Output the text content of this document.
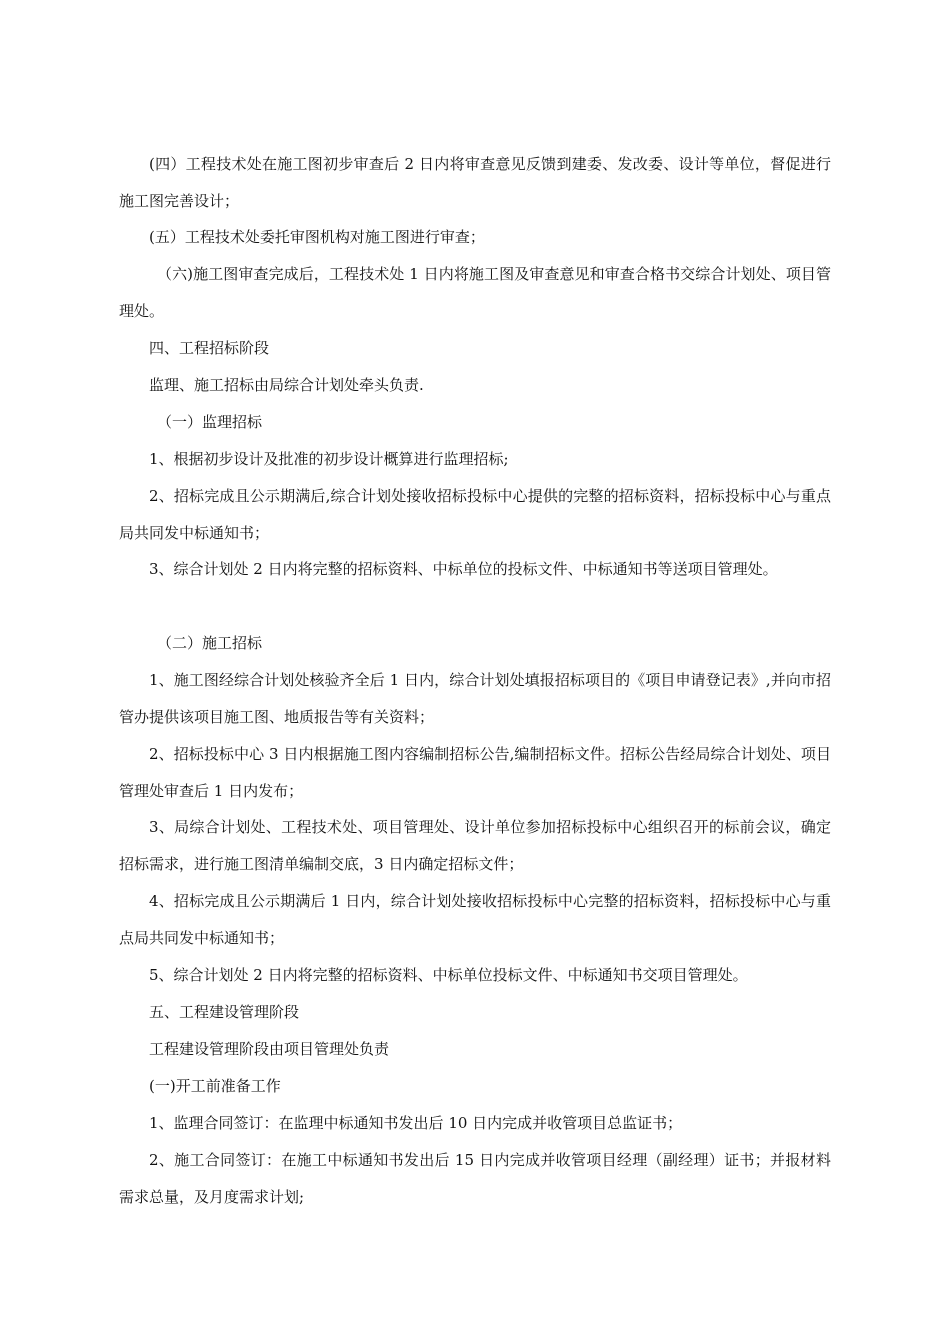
(四）工程技术处在施工图初步审查后 2 日内将审查意见反馈到建委、发改委、设计等单位，督促进行施工图完善设计；

(五）工程技术处委托审图机构对施工图进行审查；

（六)施工图审查完成后，工程技术处 1 日内将施工图及审查意见和审查合格书交综合计划处、项目管理处。

四、工程招标阶段

监理、施工招标由局综合计划处牵头负责.

（一）监理招标

1、根据初步设计及批准的初步设计概算进行监理招标;

2、招标完成且公示期满后,综合计划处接收招标投标中心提供的完整的招标资料，招标投标中心与重点局共同发中标通知书；

3、综合计划处 2 日内将完整的招标资料、中标单位的投标文件、中标通知书等送项目管理处。

（二）施工招标

1、施工图经综合计划处核验齐全后 1 日内，综合计划处填报招标项目的《项目申请登记表》,并向市招管办提供该项目施工图、地质报告等有关资料；

2、招标投标中心 3 日内根据施工图内容编制招标公告,编制招标文件。招标公告经局综合计划处、项目管理处审查后 1 日内发布；

3、局综合计划处、工程技术处、项目管理处、设计单位参加招标投标中心组织召开的标前会议，确定招标需求，进行施工图清单编制交底，3 日内确定招标文件；

4、招标完成且公示期满后 1 日内，综合计划处接收招标投标中心完整的招标资料，招标投标中心与重点局共同发中标通知书；

5、综合计划处 2 日内将完整的招标资料、中标单位投标文件、中标通知书交项目管理处。

五、工程建设管理阶段

工程建设管理阶段由项目管理处负责

(一)开工前准备工作

1、监理合同签订：在监理中标通知书发出后 10 日内完成并收管项目总监证书；

2、施工合同签订：在施工中标通知书发出后 15 日内完成并收管项目经理（副经理）证书；并报材料需求总量，及月度需求计划;
